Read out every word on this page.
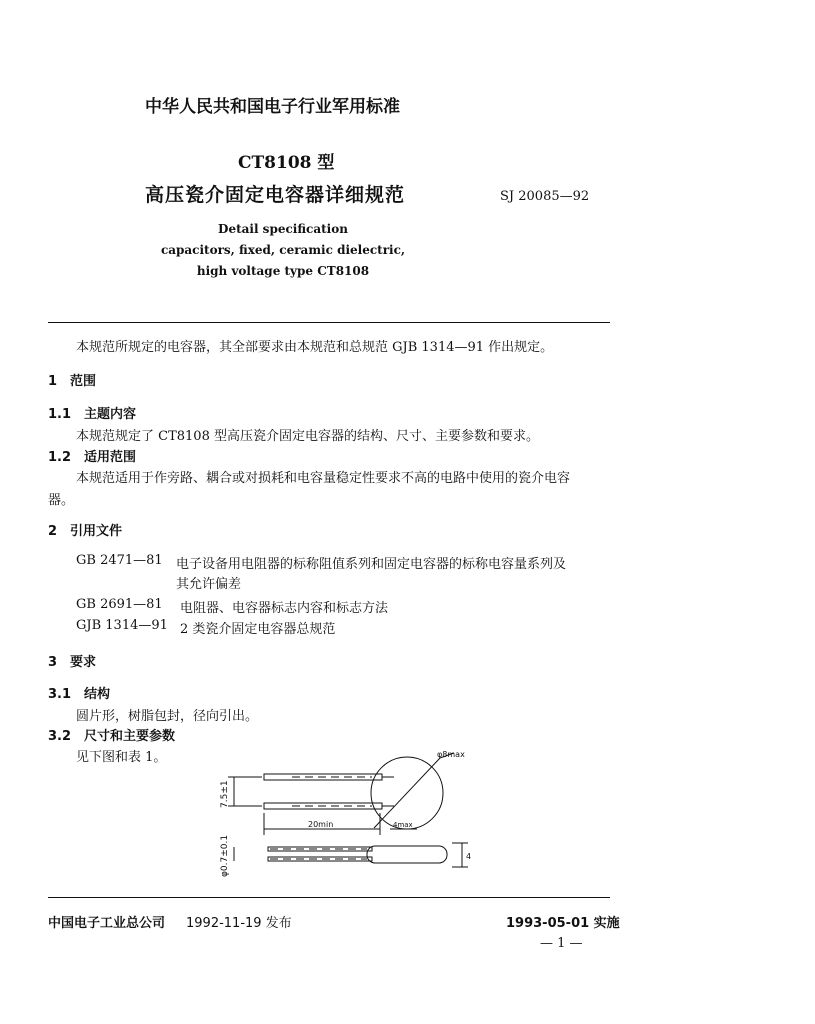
中华人民共和国电子行业军用标准
CT8108 型
高压瓷介固定电容器详细规范	SJ 20085—92
Detail specification
capacitors, fixed, ceramic dielectric,
high voltage type CT8108
本规范所规定的电容器，其全部要求由本规范和总规范 GJB 1314—91 作出规定。
1　范围
1.1　主题内容
本规范规定了 CT8108 型高压瓷介固定电容器的结构、尺寸、主要参数和要求。
1.2　适用范围
本规范适用于作旁路、耦合或对损耗和电容量稳定性要求不高的电路中使用的瓷介电容
器。
2　引用文件
GB 2471—81 电子设备用电阻器的标称阻值系列和固定电容器的标称电容量系列及
其允许偏差
GB 2691—81 电阻器、电容器标志内容和标志方法
GJB 1314—91 2 类瓷介固定电容器总规范
3　要求
3.1　结构
圆片形，树脂包封，径向引出。
3.2　尺寸和主要参数
见下图和表 1。	φ8max
7.5±1
20min	4max
φ0.7±0.1	4
中国电子工业总公司 1992-11-19 发布	1993-05-01 实施
— 1 —
